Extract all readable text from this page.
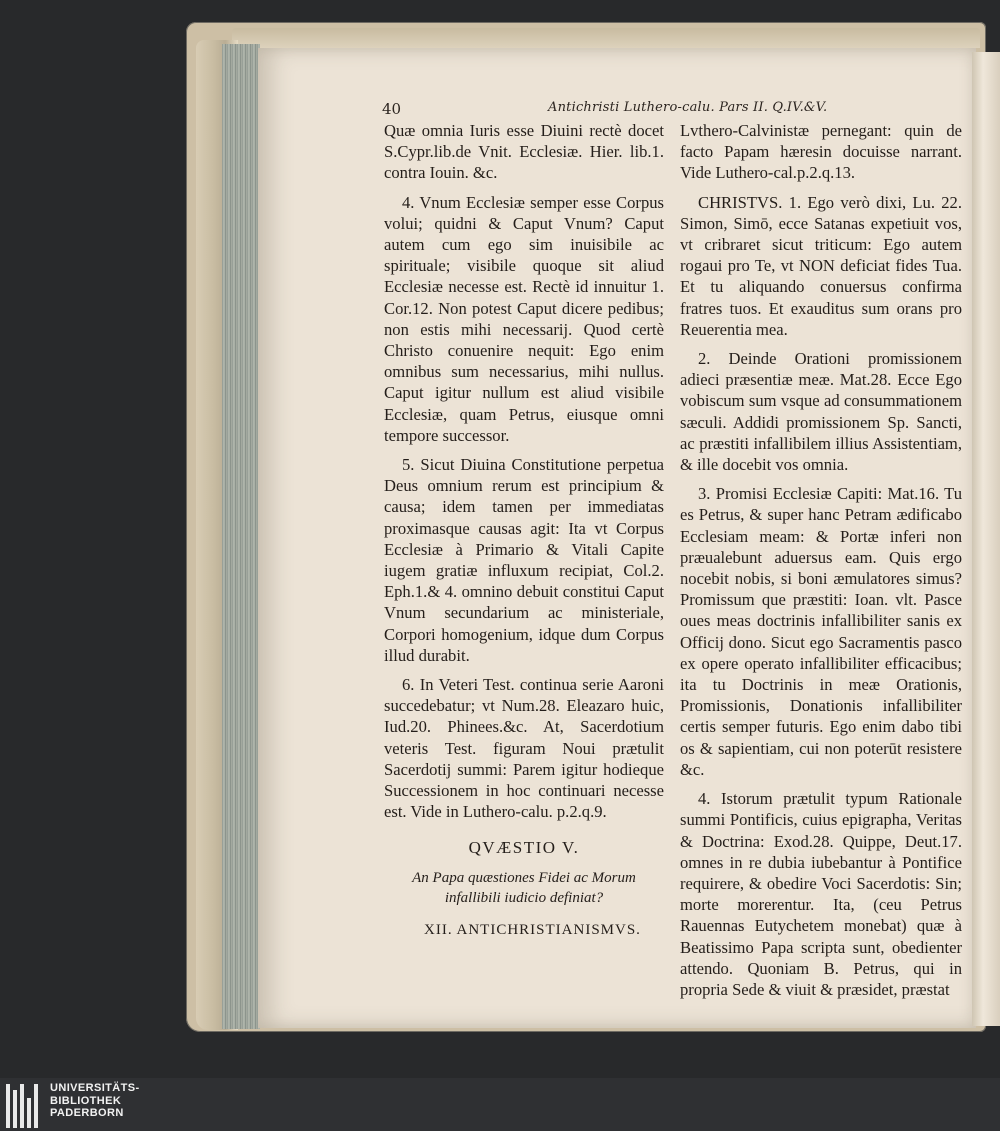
40	Antichristi Luthero-calu. Pars II. Q.IV.&V.

Quæ omnia Iuris esse Diuini rectè docet S.Cypr.lib.de Vnit. Ecclesiæ. Hier. lib.1. contra Iouin. &c.

4. Vnum Ecclesiæ semper esse Corpus volui; quidni & Caput Vnum? Caput autem cum ego sim inuisibile ac spirituale; visibile quoque sit aliud Ecclesiæ necesse est. Rectè id innuitur 1. Cor.12. Non potest Caput dicere pedibus; non estis mihi necessarij. Quod certè Christo conuenire nequit: Ego enim omnibus sum necessarius, mihi nullus. Caput igitur nullum est aliud visibile Ecclesiæ, quam Petrus, eiusque omni tempore successor.

5. Sicut Diuina Constitutione perpetua Deus omnium rerum est principium & causa; idem tamen per immediatas proximasque causas agit: Ita vt Corpus Ecclesiæ à Primario & Vitali Capite iugem gratiæ influxum recipiat, Col.2. Eph.1.& 4. omnino debuit constitui Caput Vnum secundarium ac ministeriale, Corpori homogenium, idque dum Corpus illud durabit.

6. In Veteri Test. continua serie Aaroni succedebatur; vt Num.28. Eleazaro huic, Iud.20. Phinees.&c. At, Sacerdotium veteris Test. figuram Noui prætulit Sacerdotij summi: Parem igitur hodieque Successionem in hoc continuari necesse est. Vide in Luthero-calu. p.2.q.9.

QVÆSTIO V.
An Papa quæstiones Fidei ac Morum infallibili iudicio definiat?
XII. ANTICHRISTIANISMVS.

Lvthero-Calvinistæ pernegant: quin de facto Papam hæresin docuisse narrant. Vide Luthero-cal.p.2.q.13.

CHRISTVS. 1. Ego verò dixi, Lu. 22. Simon, Simō, ecce Satanas expetiuit vos, vt cribraret sicut triticum: Ego autem rogaui pro Te, vt NON deficiat fides Tua. Et tu aliquando conuersus confirma fratres tuos. Et exauditus sum orans pro Reuerentia mea.

2. Deinde Orationi promissionem adieci præsentiæ meæ. Mat.28. Ecce Ego vobiscum sum vsque ad consummationem sæculi. Addidi promissionem Sp. Sancti, ac præstiti infallibilem illius Assistentiam, & ille docebit vos omnia.

3. Promisi Ecclesiæ Capiti: Mat.16. Tu es Petrus, & super hanc Petram ædificabo Ecclesiam meam: & Portæ inferi non præualebunt aduersus eam. Quis ergo nocebit nobis, si boni æmulatores simus? Promissum que præstiti: Ioan. vlt. Pasce oues meas doctrinis infallibiliter sanis ex Officij dono. Sicut ego Sacramentis pasco ex opere operato infallibiliter efficacibus; ita tu Doctrinis in meæ Orationis, Promissionis, Donationis infallibiliter certis semper futuris. Ego enim dabo tibi os & sapientiam, cui non poterūt resistere &c.

4. Istorum prætulit typum Rationale summi Pontificis, cuius epigrapha, Veritas & Doctrina: Exod.28. Quippe, Deut.17. omnes in re dubia iubebantur à Pontifice requirere, & obedire Voci Sacerdotis: Sin; morte morerentur. Ita, (ceu Petrus Rauennas Eutychetem monebat) quæ à Beatissimo Papa scripta sunt, obedienter attendo. Quoniam B. Petrus, qui in propria Sede & viuit & præsidet, præstat

UNIVERSITÄTS-
BIBLIOTHEK
PADERBORN
